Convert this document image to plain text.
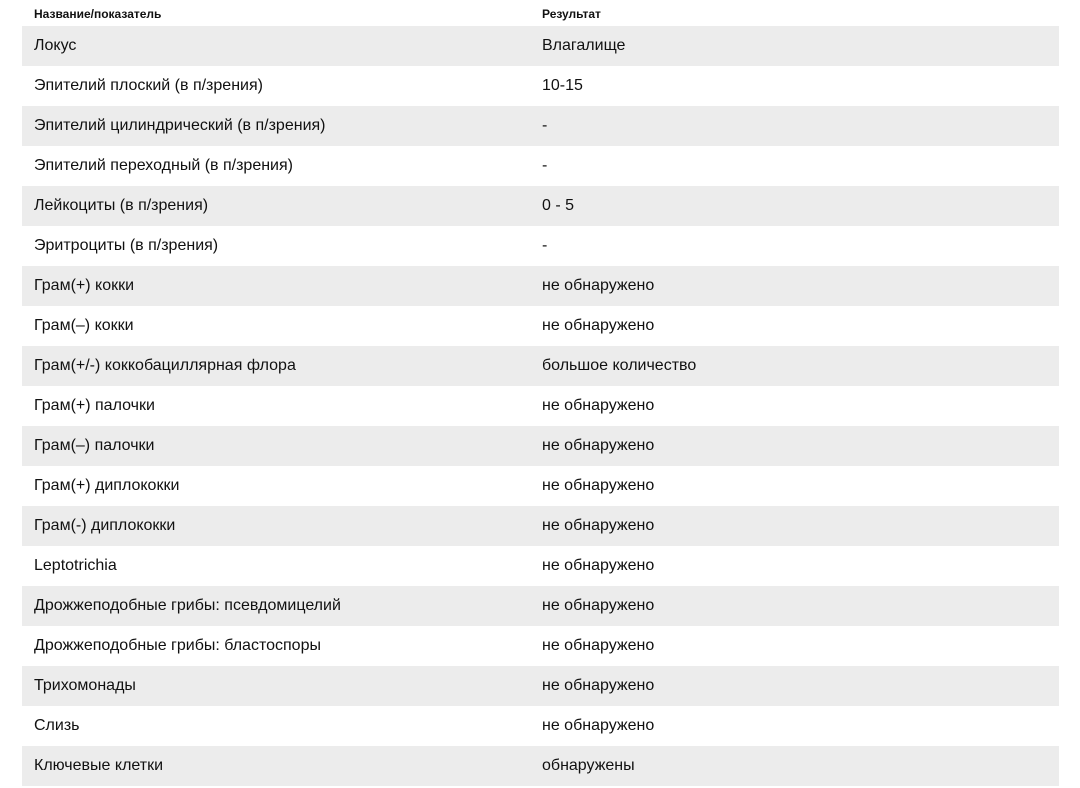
Название/показатель	Результат
Локус	Влагалище
Эпителий плоский (в п/зрения)	10-15
Эпителий цилиндрический (в п/зрения)	-
Эпителий переходный (в п/зрения)	-
Лейкоциты (в п/зрения)	0 - 5
Эритроциты (в п/зрения)	-
Грам(+) кокки	не обнаружено
Грам(–) кокки	не обнаружено
Грам(+/-) коккобациллярная флора	большое количество
Грам(+) палочки	не обнаружено
Грам(–) палочки	не обнаружено
Грам(+) диплококки	не обнаружено
Грам(-) диплококки	не обнаружено
Leptotrichia	не обнаружено
Дрожжеподобные грибы: псевдомицелий	не обнаружено
Дрожжеподобные грибы: бластоспоры	не обнаружено
Трихомонады	не обнаружено
Слизь	не обнаружено
Ключевые клетки	обнаружены
